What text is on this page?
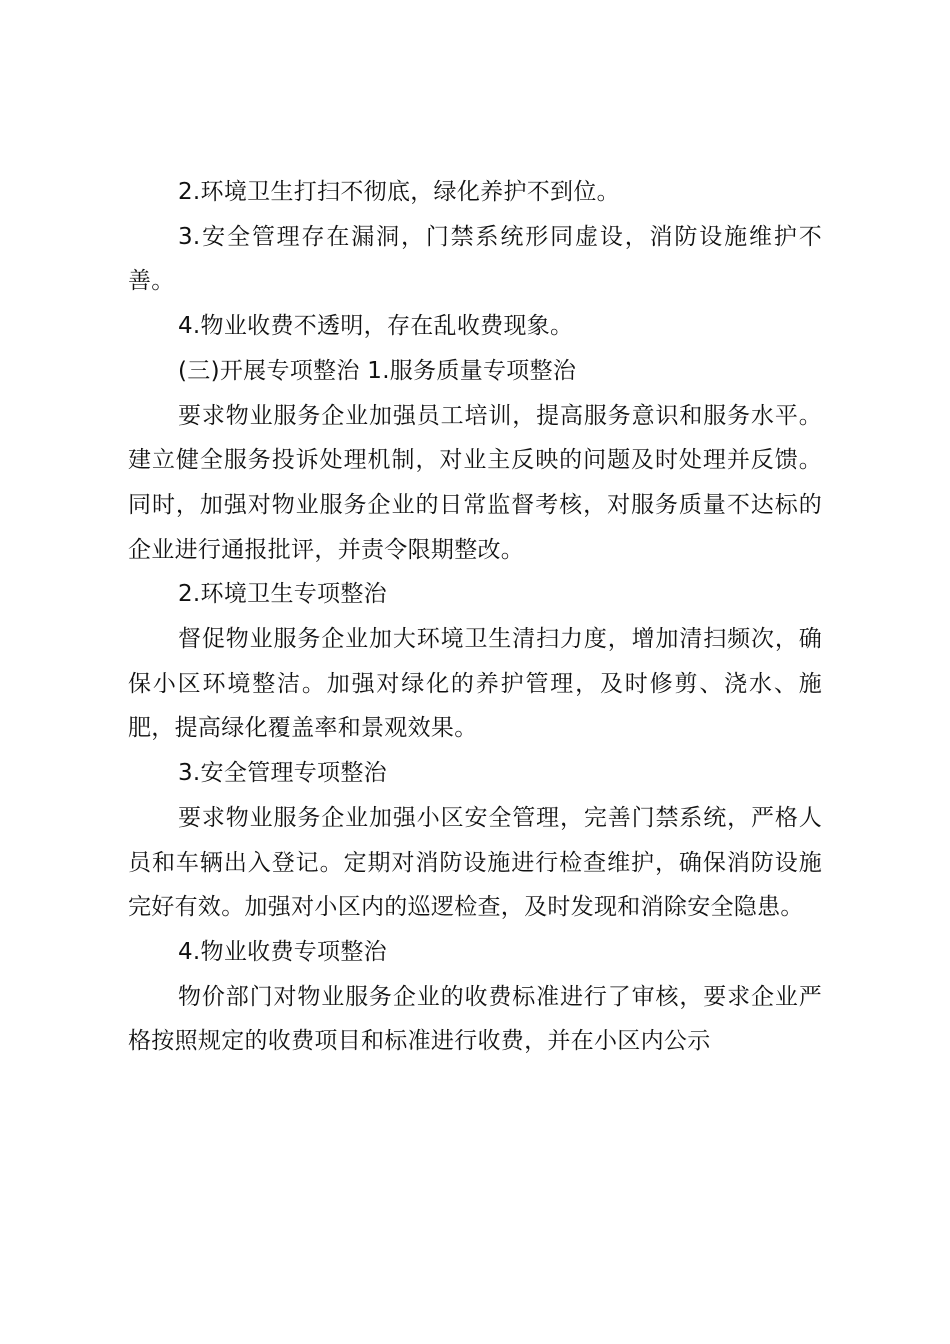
2.环境卫生打扫不彻底，绿化养护不到位。

3.安全管理存在漏洞，门禁系统形同虚设，消防设施维护不善。

4.物业收费不透明，存在乱收费现象。

(三)开展专项整治 1.服务质量专项整治

要求物业服务企业加强员工培训，提高服务意识和服务水平。建立健全服务投诉处理机制，对业主反映的问题及时处理并反馈。同时，加强对物业服务企业的日常监督考核，对服务质量不达标的企业进行通报批评，并责令限期整改。

2.环境卫生专项整治

督促物业服务企业加大环境卫生清扫力度，增加清扫频次，确保小区环境整洁。加强对绿化的养护管理，及时修剪、浇水、施肥，提高绿化覆盖率和景观效果。

3.安全管理专项整治

要求物业服务企业加强小区安全管理，完善门禁系统，严格人员和车辆出入登记。定期对消防设施进行检查维护，确保消防设施完好有效。加强对小区内的巡逻检查，及时发现和消除安全隐患。

4.物业收费专项整治

物价部门对物业服务企业的收费标准进行了审核，要求企业严格按照规定的收费项目和标准进行收费，并在小区内公示
